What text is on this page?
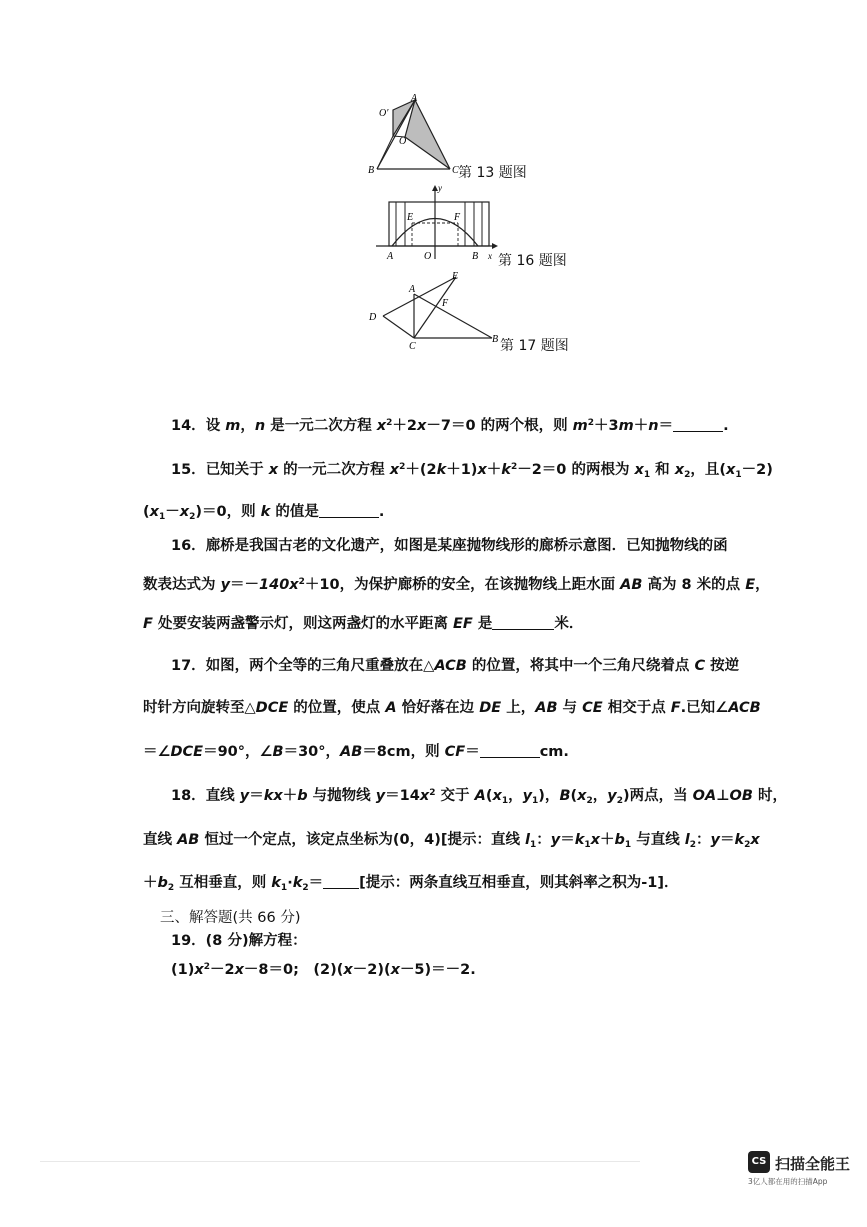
O′
A
O
B	C 第 13 题图
y
E	F
A	O	B x 第 16 题图
E
A
F
D
C
B 第 17 题图
14．设 m，n 是一元二次方程 $x^2+2x-7=0$ 的两个根，则 $m^2+3m+n=$	.
15．已知关于 x 的一元二次方程 $x^2+(2k+1)x+k^2-2=0$ 的两根为 $x_1$ 和 $x_2$，且$(x_1-2)$
$(x_1-x_2)=0$，则 k 的值是	.
16．廊桥是我国古老的文化遗产，如图是某座抛物线形的廊桥示意图．已知抛物线的函
数表达式为 $y=-140x^2+10$，为保护廊桥的安全，在该抛物线上距水面 AB 高为 8 米的点 E，
F 处要安装两盏警示灯，则这两盏灯的水平距离 EF 是	米．
17．如图，两个全等的三角尺重叠放在△ACB 的位置，将其中一个三角尺绕着点 C 按逆
时针方向旋转至△DCE 的位置，使点 A 恰好落在边 DE 上，AB 与 CE 相交于点 F.已知∠ACB
＝∠DCE＝90°，∠B＝30°，AB＝8cm，则 CF＝	cm.
18．直线 y＝kx＋b 与抛物线 $y=14x^2$ 交于 $A(x_1$，$y_1$)，$B(x_2$，$y_2$)两点，当 OA⊥OB 时，
直线 AB 恒过一个定点，该定点坐标为(0，4)[提示：直线 $l_1$：$y=k_1x+b_1$ 与直线 $l_2$：$y=k_2x$
$+b_2$ 互相垂直，则 $k_1\cdot k_2=$ [提示：两条直线互相垂直，则其斜率之积为-1]．
三、解答题(共 66 分)
19．(8 分)解方程：
$(1)x^2-2x-8=0$;　(2)(x－2)(x－5)＝－2.
CS 扫描全能王
3亿人都在用的扫描App
